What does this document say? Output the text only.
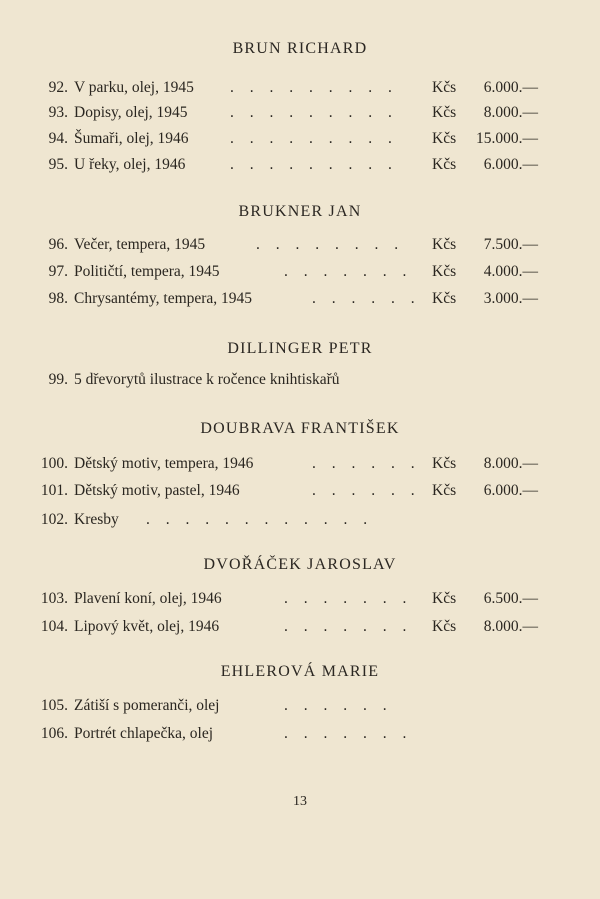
BRUN RICHARD
92. V parku, olej, 1945 . . . . . . . . . Kčs	6.000.—
93. Dopisy, olej, 1945	. . . . . . . . . Kčs	8.000.—
94. Šumaři, olej, 1946	. . . . . . . . . Kčs 15.000.—
95. U řeky, olej, 1946	. . . . . . . . . Kčs	6.000.—
BRUKNER JAN
96. Večer, tempera, 1945	. . . . . . . . Kčs	7.500.—
97. Političtí, tempera, 1945	. . . . . . . Kčs	4.000.—
98. Chrysantémy, tempera, 1945	. . . . . . Kčs	3.000.—
DILLINGER PETR
99. 5 dřevorytů ilustrace k ročence knihtiskařů
DOUBRAVA FRANTIŠEK
100. Dětský motiv, tempera, 1946	. . . . . . Kčs	8.000.—
101. Dětský motiv, pastel, 1946	. . . . . . Kčs	6.000.—
102. Kresby . . . . . . . . . . . .
DVOŘÁČEK JAROSLAV
103. Plavení koní, olej, 1946	. . . . . . . Kčs	6.500.—
104. Lipový květ, olej, 1946	. . . . . . . Kčs	8.000.—
EHLEROVÁ MARIE
105. Zátiší s pomeranči, olej	. . . . . .
106. Portrét chlapečka, olej	. . . . . . .
13
